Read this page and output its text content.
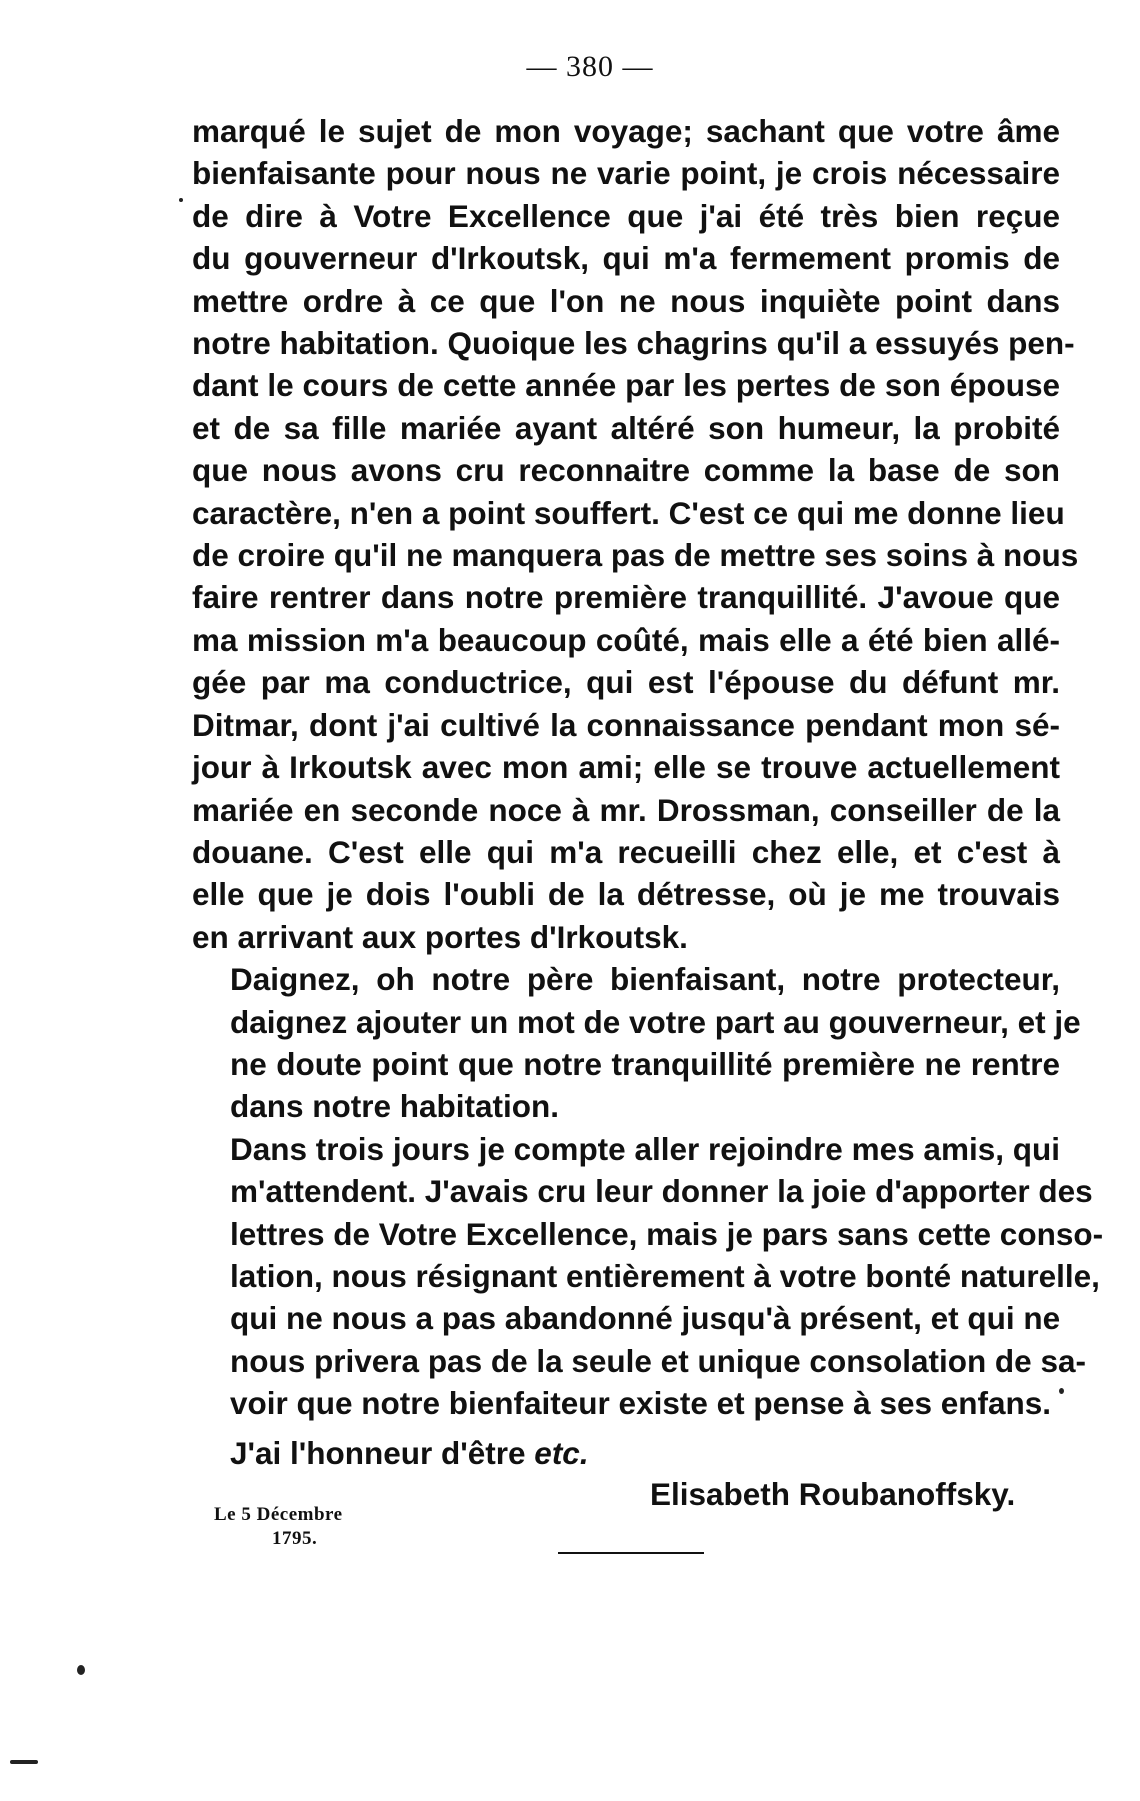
— 380 —

marqué le sujet de mon voyage; sachant que votre âme
bienfaisante pour nous ne varie point, je crois nécessaire
de dire à Votre Excellence que j'ai été très bien reçue
du gouverneur d'Irkoutsk, qui m'a fermement promis de
mettre ordre à ce que l'on ne nous inquiète point dans
notre habitation. Quoique les chagrins qu'il a essuyés pen-
dant le cours de cette année par les pertes de son épouse
et de sa fille mariée ayant altéré son humeur, la probité
que nous avons cru reconnaitre comme la base de son
caractère, n'en a point souffert. C'est ce qui me donne lieu
de croire qu'il ne manquera pas de mettre ses soins à nous
faire rentrer dans notre première tranquillité. J'avoue que
ma mission m'a beaucoup coûté, mais elle a été bien allé-
gée par ma conductrice, qui est l'épouse du défunt mr.
Ditmar, dont j'ai cultivé la connaissance pendant mon sé-
jour à Irkoutsk avec mon ami; elle se trouve actuellement
mariée en seconde noce à mr. Drossman, conseiller de la
douane. C'est elle qui m'a recueilli chez elle, et c'est à
elle que je dois l'oubli de la détresse, où je me trouvais
en arrivant aux portes d'Irkoutsk.

Daignez, oh notre père bienfaisant, notre protecteur,
daignez ajouter un mot de votre part au gouverneur, et je
ne doute point que notre tranquillité première ne rentre
dans notre habitation.

Dans trois jours je compte aller rejoindre mes amis, qui
m'attendent. J'avais cru leur donner la joie d'apporter des
lettres de Votre Excellence, mais je pars sans cette conso-
lation, nous résignant entièrement à votre bonté naturelle,
qui ne nous a pas abandonné jusqu'à présent, et qui ne
nous privera pas de la seule et unique consolation de sa-
voir que notre bienfaiteur existe et pense à ses enfans.

J'ai l'honneur d'être etc.
Elisabeth Roubanoffsky.
Le 5 Décembre
1795.
